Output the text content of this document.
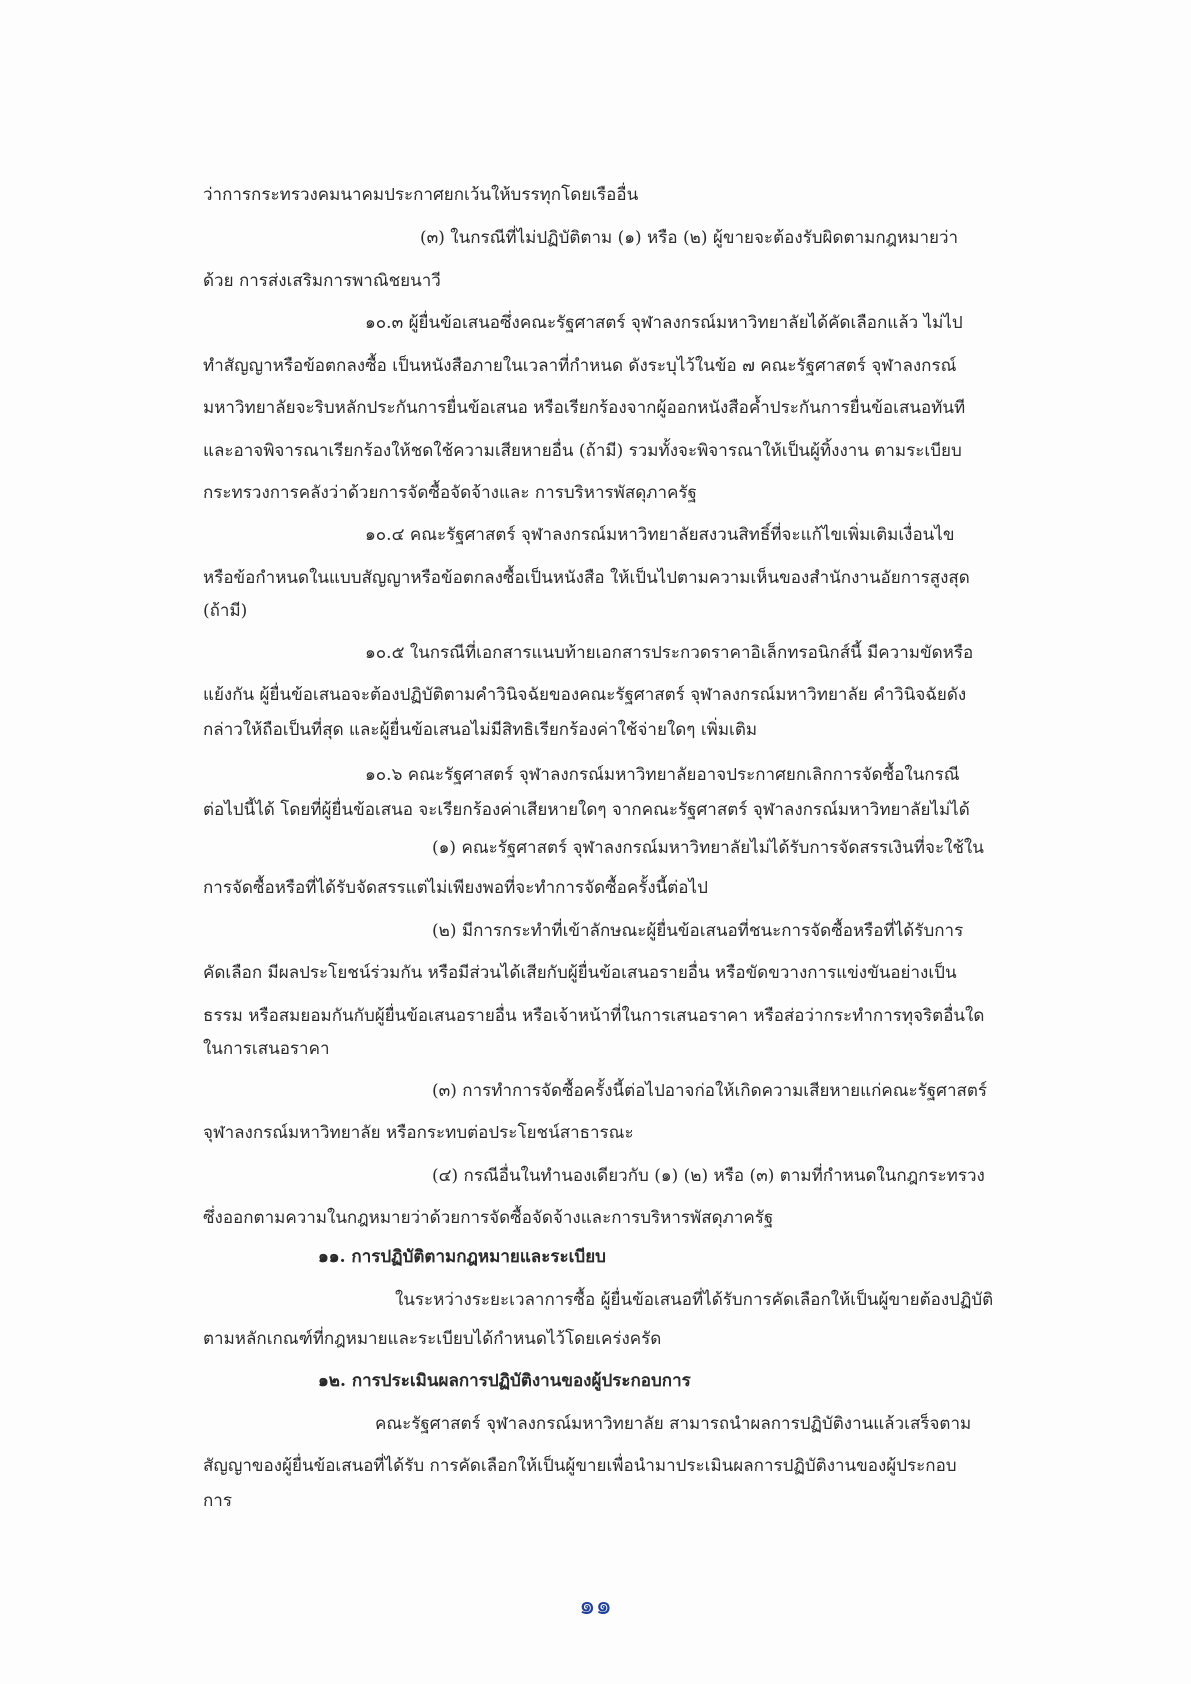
ว่าการกระทรวงคมนาคมประกาศยกเว้นให้บรรทุกโดยเรืออื่น
(๓) ในกรณีที่ไม่ปฏิบัติตาม (๑) หรือ (๒) ผู้ขายจะต้องรับผิดตามกฎหมายว่า
ด้วย การส่งเสริมการพาณิชยนาวี
๑๐.๓ ผู้ยื่นข้อเสนอซึ่งคณะรัฐศาสตร์ จุฬาลงกรณ์มหาวิทยาลัยได้คัดเลือกแล้ว ไม่ไป
ทำสัญญาหรือข้อตกลงซื้อ เป็นหนังสือภายในเวลาที่กำหนด ดังระบุไว้ในข้อ ๗ คณะรัฐศาสตร์ จุฬาลงกรณ์
มหาวิทยาลัยจะริบหลักประกันการยื่นข้อเสนอ หรือเรียกร้องจากผู้ออกหนังสือค้ำประกันการยื่นข้อเสนอทันที
และอาจพิจารณาเรียกร้องให้ชดใช้ความเสียหายอื่น (ถ้ามี) รวมทั้งจะพิจารณาให้เป็นผู้ทิ้งงาน ตามระเบียบ
กระทรวงการคลังว่าด้วยการจัดซื้อจัดจ้างและ การบริหารพัสดุภาครัฐ
๑๐.๔ คณะรัฐศาสตร์ จุฬาลงกรณ์มหาวิทยาลัยสงวนสิทธิ์ที่จะแก้ไขเพิ่มเติมเงื่อนไข
หรือข้อกำหนดในแบบสัญญาหรือข้อตกลงซื้อเป็นหนังสือ ให้เป็นไปตามความเห็นของสำนักงานอัยการสูงสุด
(ถ้ามี)
๑๐.๕ ในกรณีที่เอกสารแนบท้ายเอกสารประกวดราคาอิเล็กทรอนิกส์นี้ มีความขัดหรือ
แย้งกัน ผู้ยื่นข้อเสนอจะต้องปฏิบัติตามคำวินิจฉัยของคณะรัฐศาสตร์ จุฬาลงกรณ์มหาวิทยาลัย คำวินิจฉัยดัง
กล่าวให้ถือเป็นที่สุด และผู้ยื่นข้อเสนอไม่มีสิทธิเรียกร้องค่าใช้จ่ายใดๆ เพิ่มเติม
๑๐.๖ คณะรัฐศาสตร์ จุฬาลงกรณ์มหาวิทยาลัยอาจประกาศยกเลิกการจัดซื้อในกรณี
ต่อไปนี้ได้ โดยที่ผู้ยื่นข้อเสนอ จะเรียกร้องค่าเสียหายใดๆ จากคณะรัฐศาสตร์ จุฬาลงกรณ์มหาวิทยาลัยไม่ได้
(๑) คณะรัฐศาสตร์ จุฬาลงกรณ์มหาวิทยาลัยไม่ได้รับการจัดสรรเงินที่จะใช้ใน
การจัดซื้อหรือที่ได้รับจัดสรรแต่ไม่เพียงพอที่จะทำการจัดซื้อครั้งนี้ต่อไป
(๒) มีการกระทำที่เข้าลักษณะผู้ยื่นข้อเสนอที่ชนะการจัดซื้อหรือที่ได้รับการ
คัดเลือก มีผลประโยชน์ร่วมกัน หรือมีส่วนได้เสียกับผู้ยื่นข้อเสนอรายอื่น หรือขัดขวางการแข่งขันอย่างเป็น
ธรรม หรือสมยอมกันกับผู้ยื่นข้อเสนอรายอื่น หรือเจ้าหน้าที่ในการเสนอราคา หรือส่อว่ากระทำการทุจริตอื่นใด
ในการเสนอราคา
(๓) การทำการจัดซื้อครั้งนี้ต่อไปอาจก่อให้เกิดความเสียหายแก่คณะรัฐศาสตร์
จุฬาลงกรณ์มหาวิทยาลัย หรือกระทบต่อประโยชน์สาธารณะ
(๔) กรณีอื่นในทำนองเดียวกับ (๑) (๒) หรือ (๓) ตามที่กำหนดในกฎกระทรวง
ซึ่งออกตามความในกฎหมายว่าด้วยการจัดซื้อจัดจ้างและการบริหารพัสดุภาครัฐ
๑๑. การปฏิบัติตามกฎหมายและระเบียบ
ในระหว่างระยะเวลาการซื้อ ผู้ยื่นข้อเสนอที่ได้รับการคัดเลือกให้เป็นผู้ขายต้องปฏิบัติ
ตามหลักเกณฑ์ที่กฎหมายและระเบียบได้กำหนดไว้โดยเคร่งครัด
๑๒. การประเมินผลการปฏิบัติงานของผู้ประกอบการ
คณะรัฐศาสตร์ จุฬาลงกรณ์มหาวิทยาลัย สามารถนำผลการปฏิบัติงานแล้วเสร็จตาม
สัญญาของผู้ยื่นข้อเสนอที่ได้รับ การคัดเลือกให้เป็นผู้ขายเพื่อนำมาประเมินผลการปฏิบัติงานของผู้ประกอบ
การ
๑๑
